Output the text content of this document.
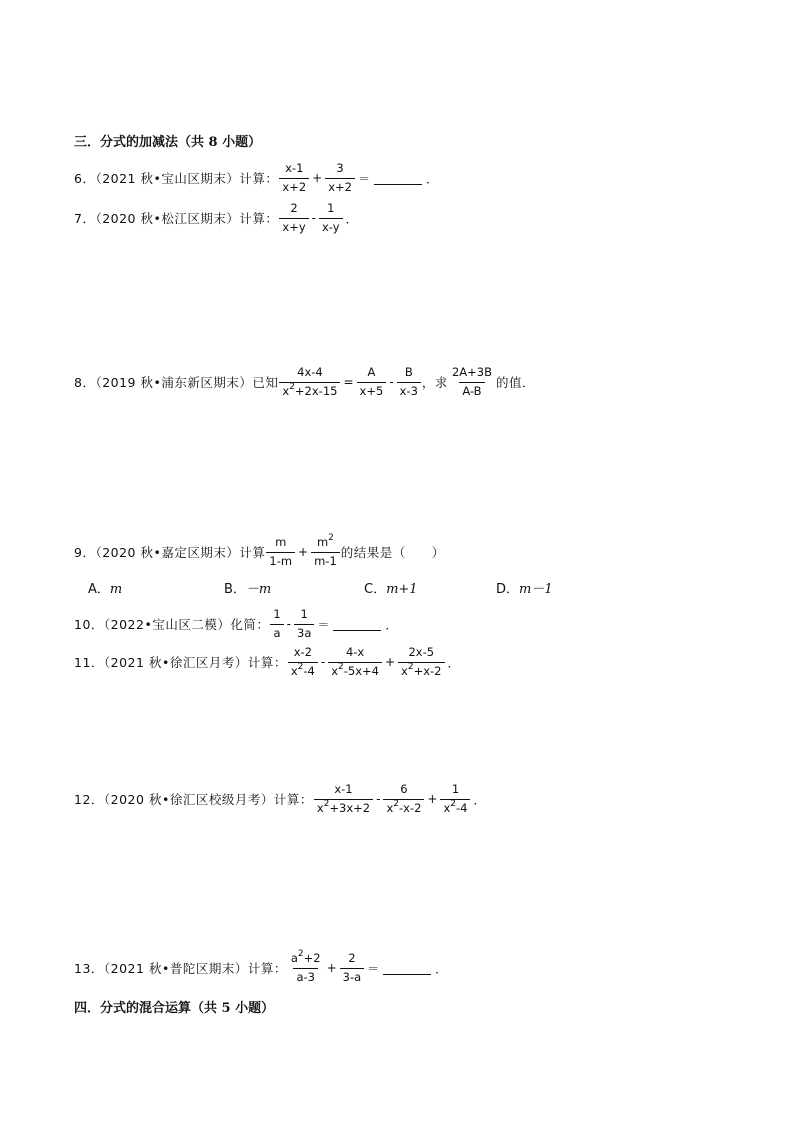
三．分式的加减法（共 8 小题）
6．（2021 秋•宝山区期末）计算： $\frac{x-1}{x+2} + \frac{3}{x+2}$ ＝	．
7．（2020 秋•松江区期末）计算： $\frac{2}{x+y} - \frac{1}{x-y}$ ．
8．（2019 秋•浦东新区期末）已知 $\frac{4x-4}{x^2+2x-15} = \frac{A}{x+5} - \frac{B}{x-3}$ ，求 $\frac{2A+3B}{A-B}$ 的值．
9．（2020 秋•嘉定区期末）计算 $\frac{m}{1-m} + \frac{m^2}{m-1}$ 的结果是（　　）
A．m	B．－m	C．m+1	D．m－1
10．（2022•宝山区二模）化简： $\frac{1}{a} - \frac{1}{3a}$ ＝	．
11．（2021 秋•徐汇区月考）计算： $\frac{x-2}{x^2-4} - \frac{4-x}{x^2-5x+4} + \frac{2x-5}{x^2+x-2}$ ．
12．（2020 秋•徐汇区校级月考）计算： $\frac{x-1}{x^2+3x+2} - \frac{6}{x^2-x-2} + \frac{1}{x^2-4}$ ．
13．（2021 秋•普陀区期末）计算： $\frac{a^2+2}{a-3} + \frac{2}{3-a}$ ＝	．
四．分式的混合运算（共 5 小题）
